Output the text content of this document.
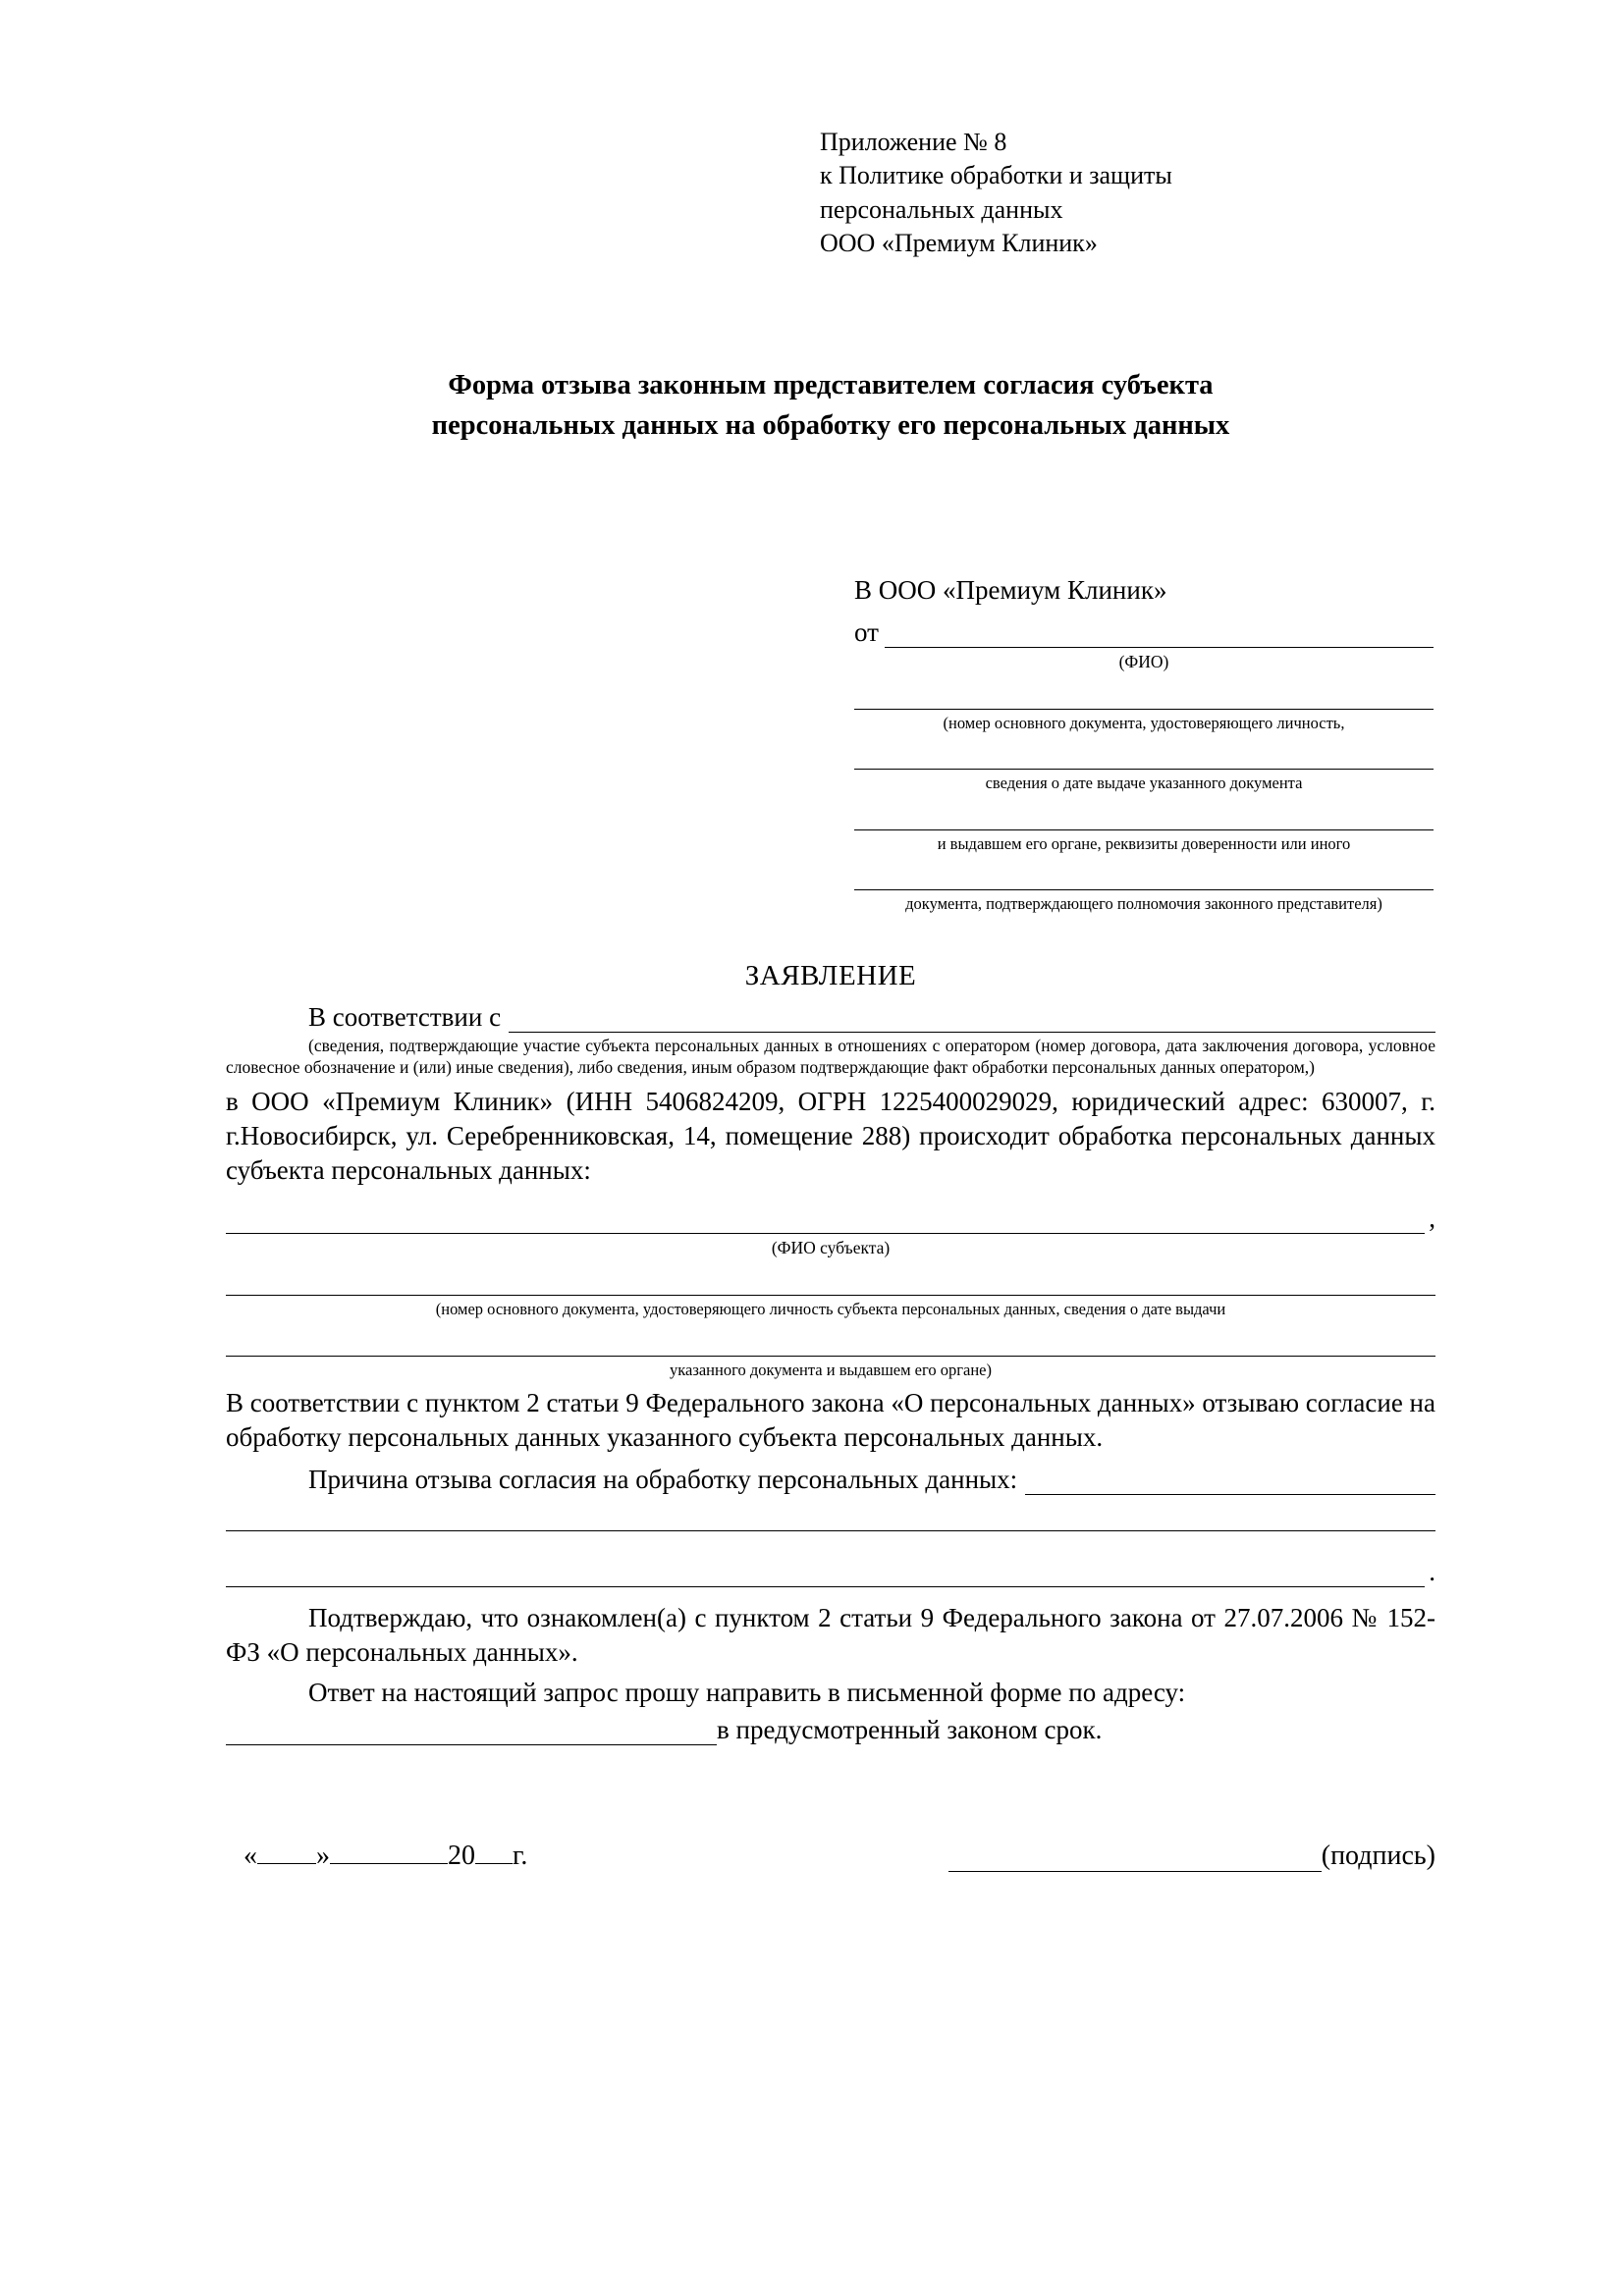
Приложение № 8
к Политике обработки и защиты
персональных данных
ООО «Премиум Клиник»
Форма отзыва законным представителем согласия субъекта
персональных данных на обработку его персональных данных
В ООО «Премиум Клиник»
от
(ФИО)
(номер основного документа, удостоверяющего личность,
сведения о дате выдаче указанного документа
и выдавшем его органе, реквизиты доверенности или иного
документа, подтверждающего полномочия законного представителя)
ЗАЯВЛЕНИЕ
В соответствии с
(сведения, подтверждающие участие субъекта персональных данных в отношениях с оператором (номер договора, дата заключения договора, условное словесное обозначение и (или) иные сведения), либо сведения, иным образом подтверждающие факт обработки персональных данных оператором,)
в ООО «Премиум Клиник» (ИНН 5406824209, ОГРН 1225400029029, юридический адрес: 630007, г. г.Новосибирск, ул. Серебренниковская, 14, помещение 288) происходит обработка персональных данных субъекта персональных данных:
,
(ФИО субъекта)
(номер основного документа, удостоверяющего личность субъекта персональных данных, сведения о дате выдачи
указанного документа и выдавшем его органе)
В соответствии с пунктом 2 статьи 9 Федерального закона «О персональных данных» отзываю согласие на обработку персональных данных указанного субъекта персональных данных.
Причина отзыва согласия на обработку персональных данных:
.
Подтверждаю, что ознакомлен(а) с пунктом 2 статьи 9 Федерального закона от 27.07.2006 № 152-ФЗ «О персональных данных».
Ответ на настоящий запрос прошу направить в письменной форме по адресу:
в предусмотренный законом срок.
« »	20 г.	(подпись)
